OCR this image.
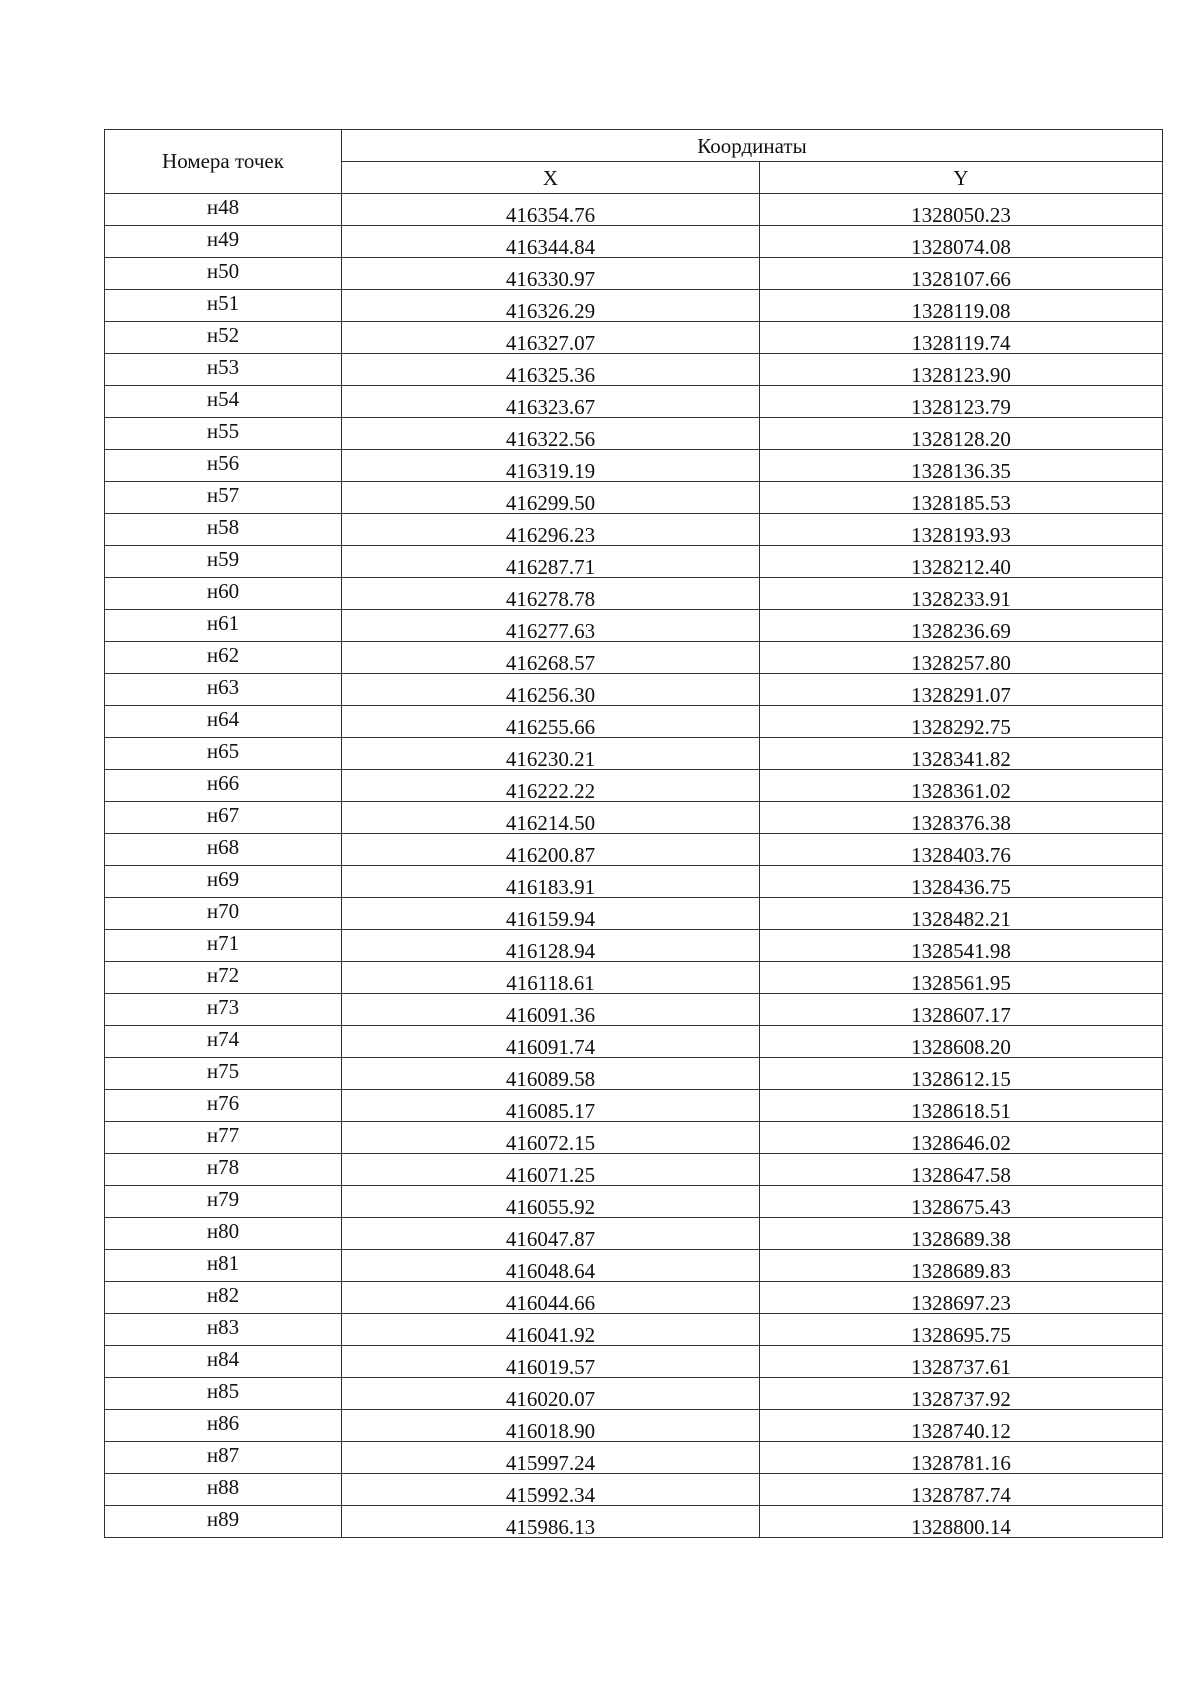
Номера точек	Координаты	
	X	Y
н48	416354.76	1328050.23
н49	416344.84	1328074.08
н50	416330.97	1328107.66
н51	416326.29	1328119.08
н52	416327.07	1328119.74
н53	416325.36	1328123.90
н54	416323.67	1328123.79
н55	416322.56	1328128.20
н56	416319.19	1328136.35
н57	416299.50	1328185.53
н58	416296.23	1328193.93
н59	416287.71	1328212.40
н60	416278.78	1328233.91
н61	416277.63	1328236.69
н62	416268.57	1328257.80
н63	416256.30	1328291.07
н64	416255.66	1328292.75
н65	416230.21	1328341.82
н66	416222.22	1328361.02
н67	416214.50	1328376.38
н68	416200.87	1328403.76
н69	416183.91	1328436.75
н70	416159.94	1328482.21
н71	416128.94	1328541.98
н72	416118.61	1328561.95
н73	416091.36	1328607.17
н74	416091.74	1328608.20
н75	416089.58	1328612.15
н76	416085.17	1328618.51
н77	416072.15	1328646.02
н78	416071.25	1328647.58
н79	416055.92	1328675.43
н80	416047.87	1328689.38
н81	416048.64	1328689.83
н82	416044.66	1328697.23
н83	416041.92	1328695.75
н84	416019.57	1328737.61
н85	416020.07	1328737.92
н86	416018.90	1328740.12
н87	415997.24	1328781.16
н88	415992.34	1328787.74
н89	415986.13	1328800.14
